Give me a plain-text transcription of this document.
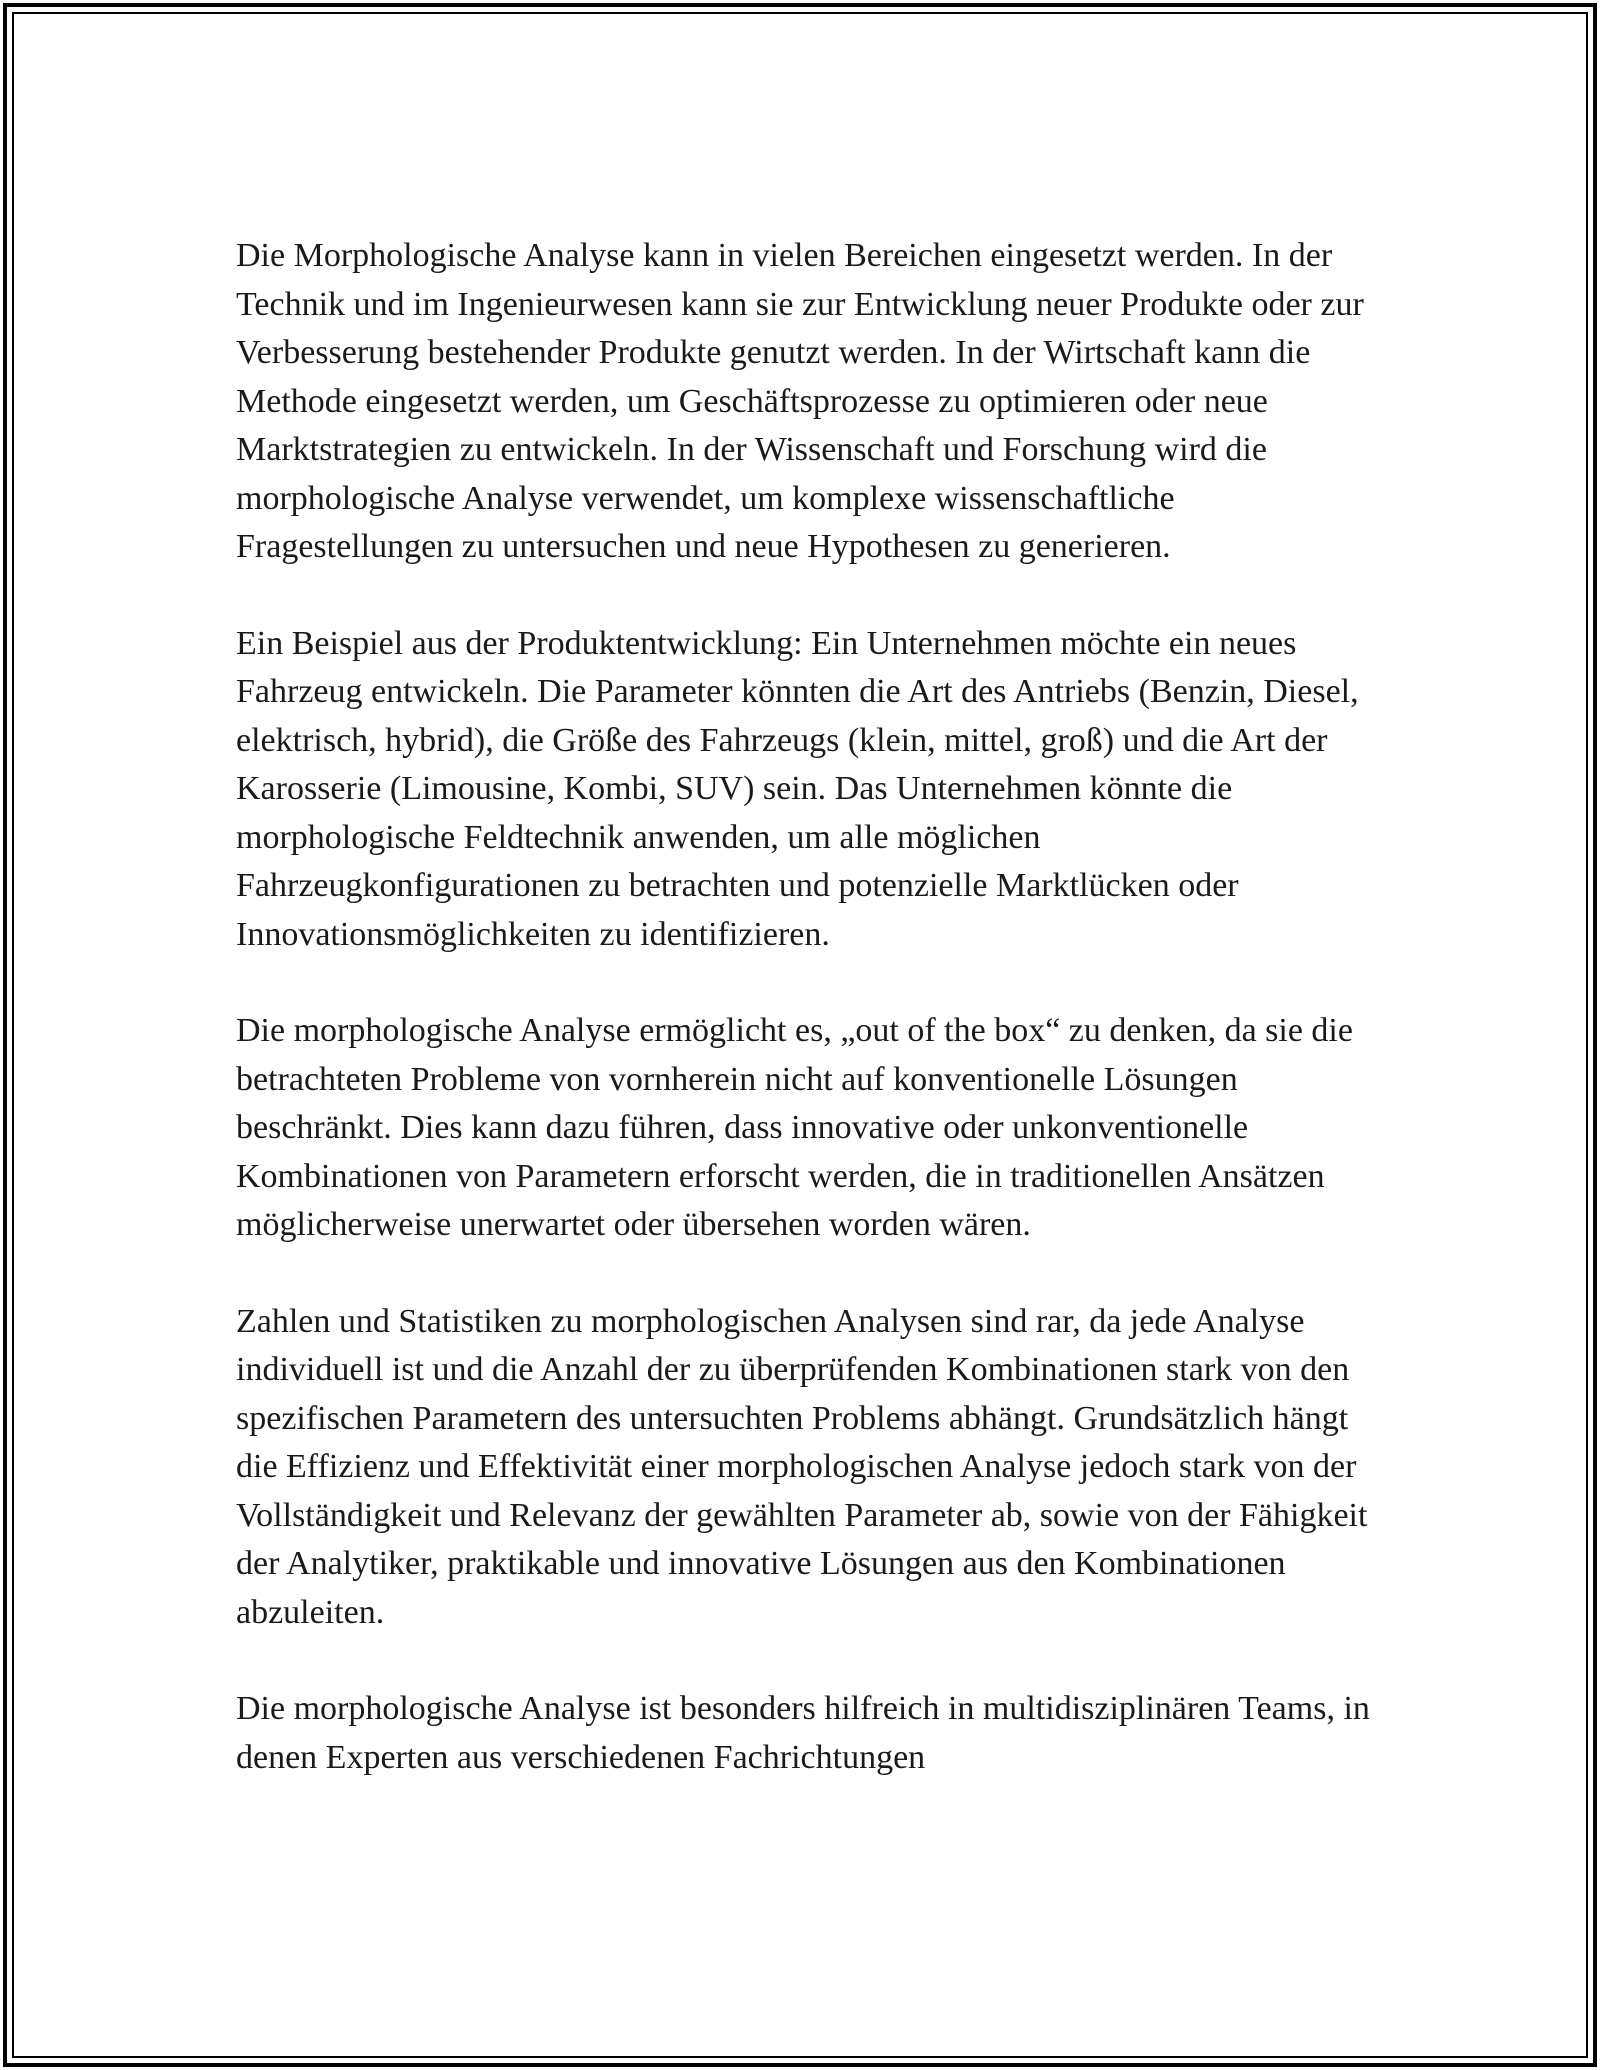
Die Morphologische Analyse kann in vielen Bereichen eingesetzt werden. In der Technik und im Ingenieurwesen kann sie zur Entwicklung neuer Produkte oder zur Verbesserung bestehender Produkte genutzt werden. In der Wirtschaft kann die Methode eingesetzt werden, um Geschäftsprozesse zu optimieren oder neue Marktstrategien zu entwickeln. In der Wissenschaft und Forschung wird die morphologische Analyse verwendet, um komplexe wissenschaftliche Fragestellungen zu untersuchen und neue Hypothesen zu generieren.

Ein Beispiel aus der Produktentwicklung: Ein Unternehmen möchte ein neues Fahrzeug entwickeln. Die Parameter könnten die Art des Antriebs (Benzin, Diesel, elektrisch, hybrid), die Größe des Fahrzeugs (klein, mittel, groß) und die Art der Karosserie (Limousine, Kombi, SUV) sein. Das Unternehmen könnte die morphologische Feldtechnik anwenden, um alle möglichen Fahrzeugkonfigurationen zu betrachten und potenzielle Marktlücken oder Innovationsmöglichkeiten zu identifizieren.

Die morphologische Analyse ermöglicht es, „out of the box“ zu denken, da sie die betrachteten Probleme von vornherein nicht auf konventionelle Lösungen beschränkt. Dies kann dazu führen, dass innovative oder unkonventionelle Kombinationen von Parametern erforscht werden, die in traditionellen Ansätzen möglicherweise unerwartet oder übersehen worden wären.

Zahlen und Statistiken zu morphologischen Analysen sind rar, da jede Analyse individuell ist und die Anzahl der zu überprüfenden Kombinationen stark von den spezifischen Parametern des untersuchten Problems abhängt. Grundsätzlich hängt die Effizienz und Effektivität einer morphologischen Analyse jedoch stark von der Vollständigkeit und Relevanz der gewählten Parameter ab, sowie von der Fähigkeit der Analytiker, praktikable und innovative Lösungen aus den Kombinationen abzuleiten.

Die morphologische Analyse ist besonders hilfreich in multidisziplinären Teams, in denen Experten aus verschiedenen Fachrichtungen
